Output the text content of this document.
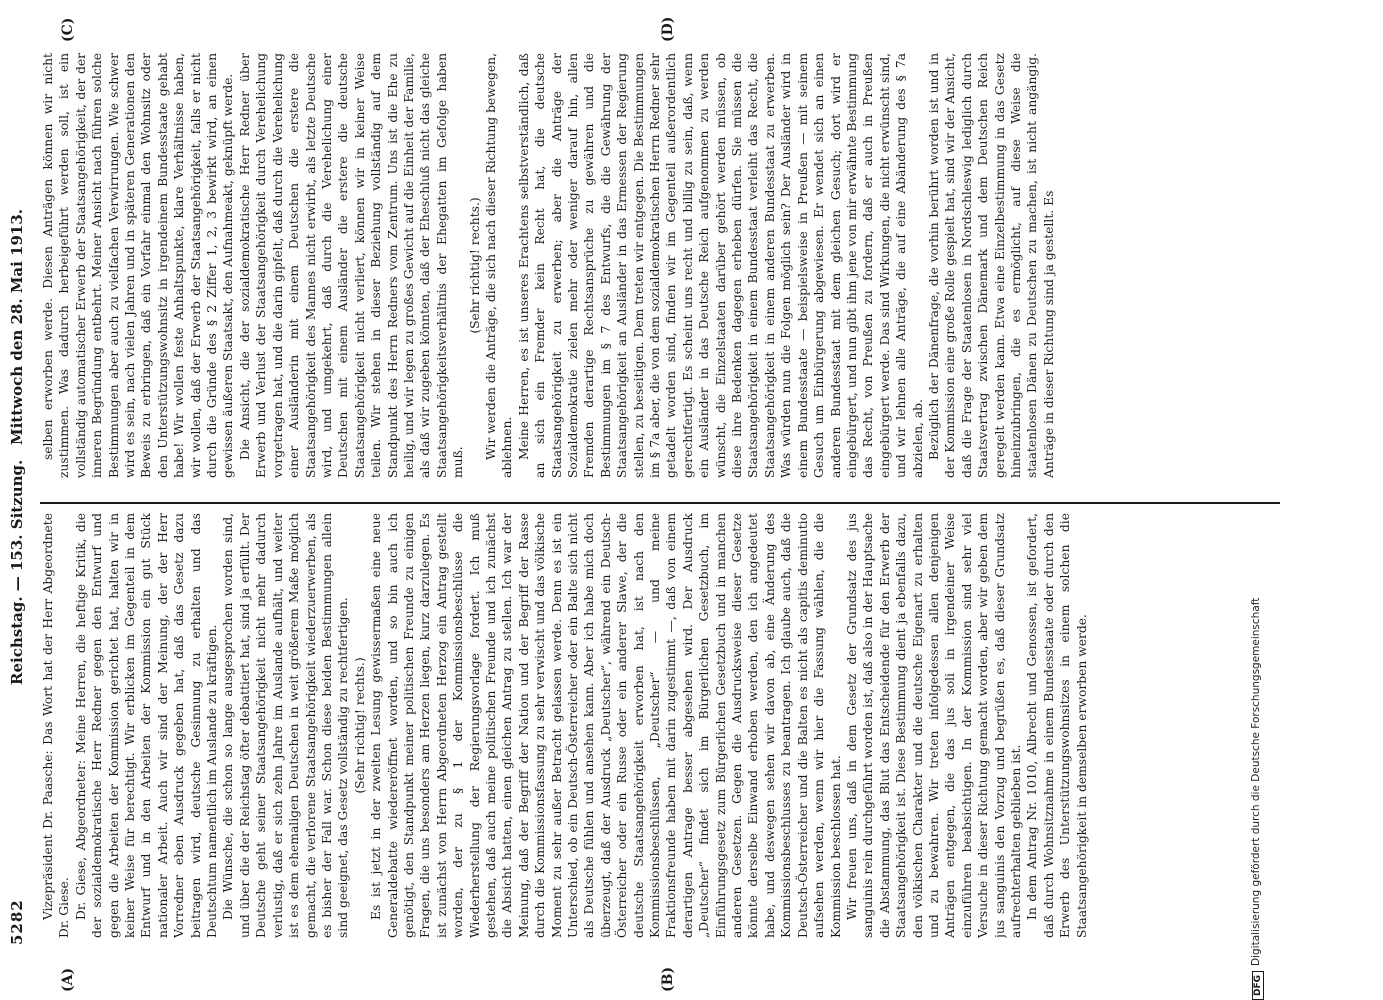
5282
Reichstag. — 153. Sitzung.
Mittwoch den 28. Mai 1913.
(A)	(B)
(C)	(D)

Vizepräsident Dr. Paasche: Das Wort hat der Herr Abgeordnete Dr. Giese. Dr. Giese, Abgeordneter: Meine Herren, die heftige Kritik, die der sozialdemokratische Herr Redner gegen den Entwurf und gegen die Arbeiten der Kommission gerichtet hat, halten wir in keiner Weise für berechtigt. Wir erblicken im Gegenteil in dem Entwurf und in den Arbeiten der Kommission ein gut Stück nationaler Arbeit. Auch wir sind der Meinung, der der Herr Vorredner eben Ausdruck gegeben hat, daß das Gesetz dazu beitragen wird, deutsche Gesinnung zu erhalten und das Deutschtum namentlich im Auslande zu kräftigen. Die Wünsche, die schon so lange ausgesprochen worden sind, und über die der Reichstag öfter debattiert hat, sind ja erfüllt. Der Deutsche geht seiner Staatsangehörigkeit nicht mehr dadurch verlustig, daß er sich zehn Jahre im Auslande aufhält, und weiter ist es dem ehemaligen Deutschen in weit größerem Maße möglich gemacht, die verlorene Staatsangehörigkeit wiederzuerwerben, als es bisher der Fall war. Schon diese beiden Bestimmungen allein sind geeignet, das Gesetz vollständig zu rechtfertigen. (Sehr richtig! rechts.) Es ist jetzt in der zweiten Lesung gewissermaßen eine neue Generaldebatte wiedereröffnet worden, und so bin auch ich genötigt, den Standpunkt meiner politischen Freunde zu einigen Fragen, die uns besonders am Herzen liegen, kurz darzulegen. Es ist zunächst von Herrn Abgeordneten Herzog ein Antrag gestellt worden, der zu § 1 der Kommissionsbeschlüsse die Wiederherstellung der Regierungsvorlage fordert. Ich muß gestehen, daß auch meine politischen Freunde und ich zunächst die Absicht hatten, einen gleichen Antrag zu stellen. Ich war der Meinung, daß der Begriff der Nation und der Begriff der Rasse durch die Kommissionsfassung zu sehr verwischt und das völkische Moment zu sehr außer Betracht gelassen werde. Denn es ist ein Unterschied, ob ein Deutsch-Österreicher oder ein Balte sich nicht als Deutsche fühlen und ansehen kann. Aber ich habe mich doch überzeugt, daß der Ausdruck „Deutscher“, während ein Deutsch-Österreicher oder ein Russe oder ein anderer Slawe, der die deutsche Staatsangehörigkeit erworben hat, ist nach den Kommissionsbeschlüssen, „Deutscher“ — und meine Fraktionsfreunde haben mit darin zugestimmt —, daß von einem derartigen Antrage besser abgesehen wird. Der Ausdruck „Deutscher“ findet sich im Bürgerlichen Gesetzbuch, im Einführungsgesetz zum Bürgerlichen Gesetzbuch und in manchen anderen Gesetzen. Gegen die Ausdrucksweise dieser Gesetze könnte derselbe Einwand erhoben werden, den ich angedeutet habe, und deswegen sehen wir davon ab, eine Änderung des Kommissionsbeschlusses zu beantragen. Ich glaube auch, daß die Deutsch-Österreicher und die Balten es nicht als capitis deminutio aufsehen werden, wenn wir hier die Fassung wählen, die die Kommission beschlossen hat. Wir freuen uns, daß in dem Gesetz der Grundsatz des jus sanguinis rein durchgeführt worden ist, daß also in der Hauptsache die Abstammung, das Blut das Entscheidende für den Erwerb der Staatsangehörigkeit ist. Diese Bestimmung dient ja ebenfalls dazu, den völkischen Charakter und die deutsche Eigenart zu erhalten und zu bewahren. Wir treten infolgedessen allen denjenigen Anträgen entgegen, die das jus soli in irgendeiner Weise einzuführen beabsichtigen. In der Kommission sind sehr viel Versuche in dieser Richtung gemacht worden, aber wir geben dem jus sanguinis den Vorzug und begrüßen es, daß dieser Grundsatz aufrechterhalten geblieben ist. In dem Antrag Nr. 1010, Albrecht und Genossen, ist gefordert, daß durch Wohnsitznahme in einem Bundesstaate oder durch den Erwerb des Unterstützungswohnsitzes in einem solchen die Staatsangehörigkeit in demselben erworben werde.

selben erworben werde. Diesen Anträgen können wir nicht zustimmen. Was dadurch herbeigeführt werden soll, ist ein vollständig automatischer Erwerb der Staatsangehörigkeit, der der inneren Begründung entbehrt. Meiner Ansicht nach führen solche Bestimmungen aber auch zu vielfachen Verwirrungen. Wie schwer wird es sein, nach vielen Jahren und in späteren Generationen den Beweis zu erbringen, daß ein Vorfahr einmal den Wohnsitz oder den Unterstützungswohnsitz in irgendeinem Bundesstaate gehabt habe! Wir wollen feste Anhaltspunkte, klare Verhältnisse haben, wir wollen, daß der Erwerb der Staatsangehörigkeit, falls er nicht durch die Gründe des § 2 Ziffer 1, 2, 3 bewirkt wird, an einen gewissen äußeren Staatsakt, den Aufnahmeakt, geknüpft werde. Die Ansicht, die der sozialdemokratische Herr Redner über Erwerb und Verlust der Staatsangehörigkeit durch Verehelichung vorgetragen hat, und die darin gipfelt, daß durch die Verehelichung einer Ausländerin mit einem Deutschen die erstere die Staatsangehörigkeit des Mannes nicht erwirbt, als letzte Deutsche wird, und umgekehrt, daß durch die Verehelichung einer Deutschen mit einem Ausländer die erstere die deutsche Staatsangehörigkeit nicht verliert, können wir in keiner Weise teilen. Wir stehen in dieser Beziehung vollständig auf dem Standpunkt des Herrn Redners vom Zentrum. Uns ist die Ehe zu heilig, und wir legen zu großes Gewicht auf die Einheit der Familie, als daß wir zugeben könnten, daß der Eheschluß nicht das gleiche Staatsangehörigkeitsverhältnis der Ehegatten im Gefolge haben muß.

(Sehr richtig! rechts.) Wir werden die Anträge, die sich nach dieser Richtung bewegen, ablehnen. Meine Herren, es ist unseres Erachtens selbstverständlich, daß an sich ein Fremder kein Recht hat, die deutsche Staatsangehörigkeit zu erwerben; aber die Anträge der Sozialdemokratie zielen mehr oder weniger darauf hin, allen Fremden derartige Rechtsansprüche zu gewähren und die Bestimmungen im § 7 des Entwurfs, die die Gewährung der Staatsangehörigkeit an Ausländer in das Ermessen der Regierung stellen, zu beseitigen. Dem treten wir entgegen. Die Bestimmungen im § 7a aber, die von dem sozialdemokratischen Herrn Redner sehr getadelt worden sind, finden wir im Gegenteil außerordentlich gerechtfertigt. Es scheint uns recht und billig zu sein, daß, wenn ein Ausländer in das Deutsche Reich aufgenommen zu werden wünscht, die Einzelstaaten darüber gehört werden müssen, ob diese ihre Bedenken dagegen erheben dürfen. Sie müssen die Staatsangehörigkeit in einem Bundesstaat verleiht das Recht, die Staatsangehörigkeit in einem anderen Bundesstaat zu erwerben. Was würden nun die Folgen möglich sein? Der Ausländer wird in einem Bundesstaate — beispielsweise in Preußen — mit seinem Gesuch um Einbürgerung abgewiesen. Er wendet sich an einen anderen Bundesstaat mit dem gleichen Gesuch; dort wird er eingebürgert, und nun gibt ihm jene von mir erwähnte Bestimmung das Recht, von Preußen zu fordern, daß er auch in Preußen eingebürgert werde. Das sind Wirkungen, die nicht erwünscht sind, und wir lehnen alle Anträge, die auf eine Abänderung des § 7a abzielen, ab. Bezüglich der Dänenfrage, die vorhin berührt worden ist und in der Kommission eine große Rolle gespielt hat, sind wir der Ansicht, daß die Frage der Staatenlosen in Nordschleswig lediglich durch Staatsvertrag zwischen Dänemark und dem Deutschen Reich geregelt werden kann. Etwa eine Einzelbestimmung in das Gesetz hineinzubringen, die es ermöglicht, auf diese Weise die staatenlosen Dänen zu Deutschen zu machen, ist nicht angängig. Anträge in dieser Richtung sind ja gestellt. Es

DFG
Digitalisierung gefördert durch die Deutsche Forschungsgemeinschaft
